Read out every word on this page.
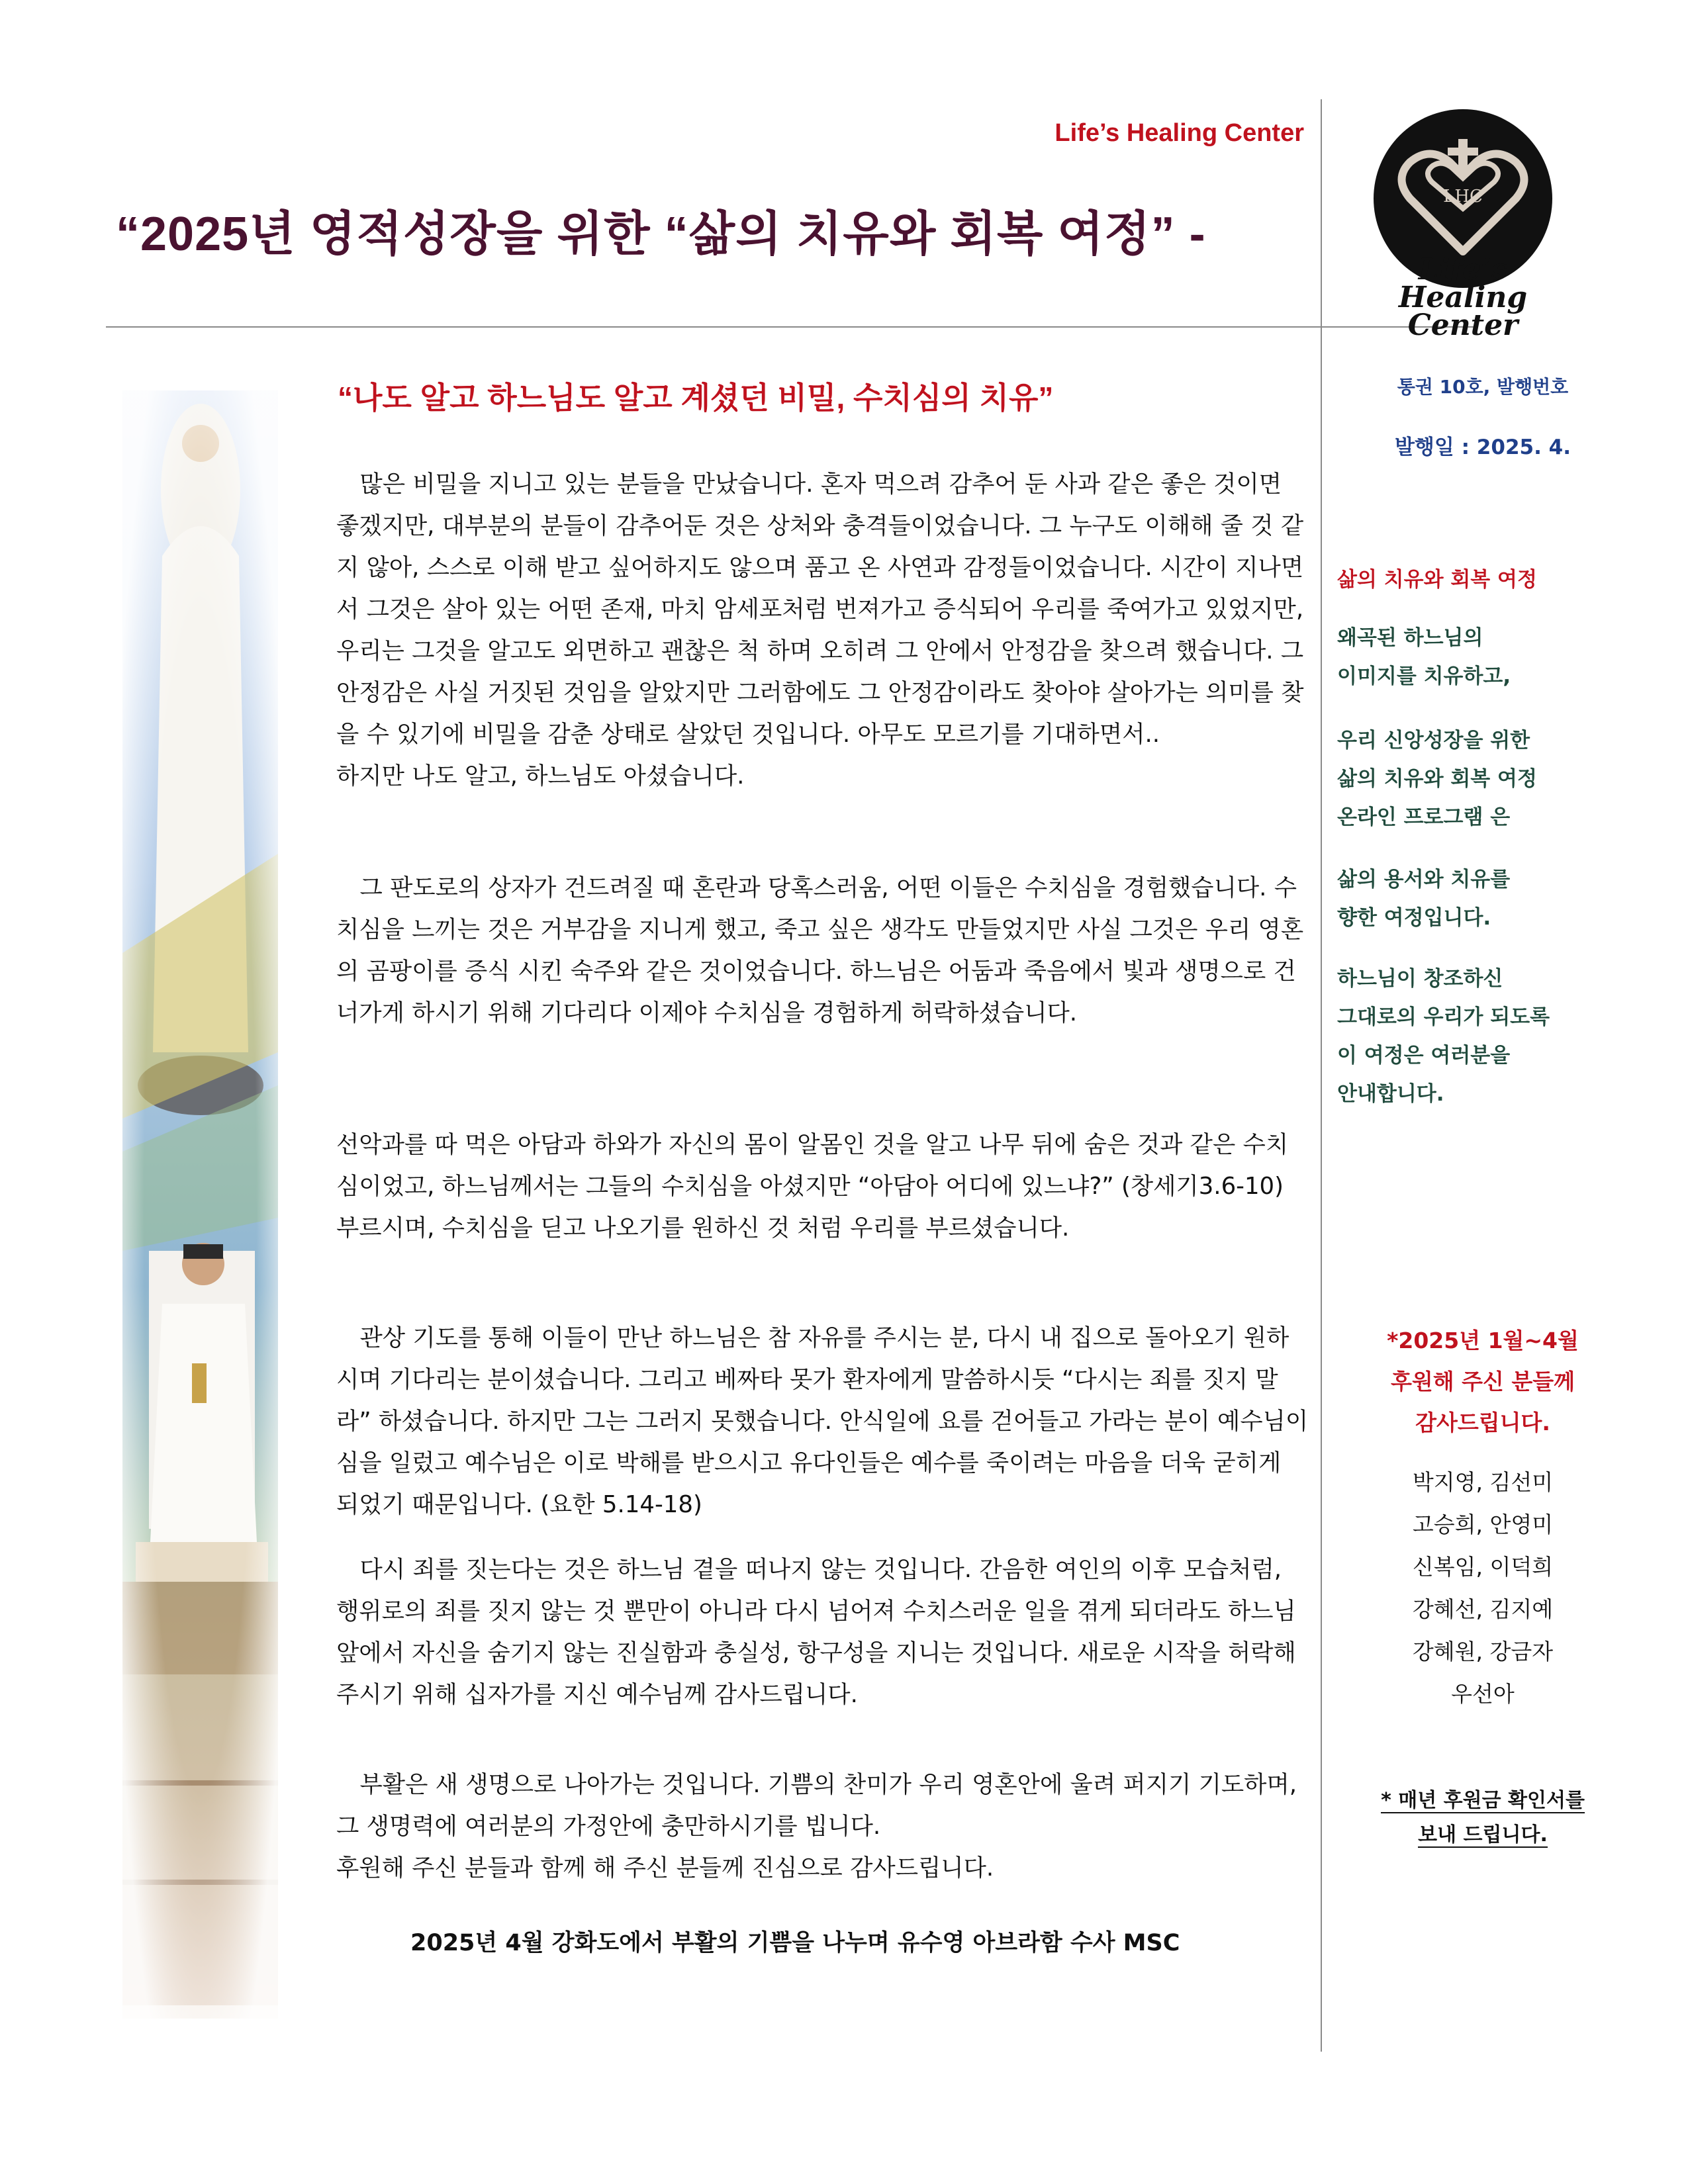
Life’s Healing Center
“2025년 영적성장을 위한 “삶의 치유와 회복 여정” -
LHC
Life’s
Healing
Center
“나도 알고 하느님도 알고 계셨던 비밀, 수치심의 치유”

　많은 비밀을 지니고 있는 분들을 만났습니다. 혼자 먹으려 감추어 둔 사과 같은 좋은 것이면 좋겠지만, 대부분의 분들이 감추어둔 것은 상처와 충격들이었습니다. 그 누구도 이해해 줄 것 같지 않아, 스스로 이해 받고 싶어하지도 않으며 품고 온 사연과 감정들이었습니다. 시간이 지나면서 그것은 살아 있는 어떤 존재, 마치 암세포처럼 번져가고 증식되어 우리를 죽여가고 있었지만, 우리는 그것을 알고도 외면하고 괜찮은 척 하며 오히려 그 안에서 안정감을 찾으려 했습니다. 그 안정감은 사실 거짓된 것임을 알았지만 그러함에도 그 안정감이라도 찾아야 살아가는 의미를 찾을 수 있기에 비밀을 감춘 상태로 살았던 것입니다. 아무도 모르기를 기대하면서..

하지만 나도 알고, 하느님도 아셨습니다.

　그 판도로의 상자가 건드려질 때 혼란과 당혹스러움, 어떤 이들은 수치심을 경험했습니다. 수치심을 느끼는 것은 거부감을 지니게 했고, 죽고 싶은 생각도 만들었지만 사실 그것은 우리 영혼의 곰팡이를 증식 시킨 숙주와 같은 것이었습니다. 하느님은 어둠과 죽음에서 빛과 생명으로 건너가게 하시기 위해 기다리다 이제야 수치심을 경험하게 허락하셨습니다.

선악과를 따 먹은 아담과 하와가 자신의 몸이 알몸인 것을 알고 나무 뒤에 숨은 것과 같은 수치심이었고, 하느님께서는 그들의 수치심을 아셨지만 “아담아 어디에 있느냐?” (창세기3.6-10) 부르시며, 수치심을 딛고 나오기를 원하신 것 처럼 우리를 부르셨습니다.

　관상 기도를 통해 이들이 만난 하느님은 참 자유를 주시는 분, 다시 내 집으로 돌아오기 원하시며 기다리는 분이셨습니다. 그리고 베짜타 못가 환자에게 말씀하시듯 “다시는 죄를 짓지 말라” 하셨습니다. 하지만 그는 그러지 못했습니다. 안식일에 요를 걷어들고 가라는 분이 예수님이심을 일렀고 예수님은 이로 박해를 받으시고 유다인들은 예수를 죽이려는 마음을 더욱 굳히게 되었기 때문입니다. (요한 5.14-18)

　다시 죄를 짓는다는 것은 하느님 곁을 떠나지 않는 것입니다. 간음한 여인의 이후 모습처럼, 행위로의 죄를 짓지 않는 것 뿐만이 아니라 다시 넘어져 수치스러운 일을 겪게 되더라도 하느님 앞에서 자신을 숨기지 않는 진실함과 충실성, 항구성을 지니는 것입니다. 새로운 시작을 허락해 주시기 위해 십자가를 지신 예수님께 감사드립니다.

　부활은 새 생명으로 나아가는 것입니다. 기쁨의 찬미가 우리 영혼안에 울려 퍼지기 기도하며, 그 생명력에 여러분의 가정안에 충만하시기를 빕니다.

후원해 주신 분들과 함께 해 주신 분들께 진심으로 감사드립니다.

2025년 4월 강화도에서 부활의 기쁨을 나누며 유수영 아브라함 수사 MSC
통권 10호, 발행번호
발행일 : 2025. 4.
삶의 치유와 회복 여정

왜곡된 하느님의

이미지를 치유하고,

우리 신앙성장을 위한

삶의 치유와 회복 여정

온라인 프로그램 은

삶의 용서와 치유를

향한 여정입니다.

하느님이 창조하신

그대로의 우리가 되도록

이 여정은 여러분을

안내합니다.

*2025년 1월~4월
후원해 주신 분들께
감사드립니다.
박지영, 김선미
고승희, 안영미
신복임, 이덕희
강혜선, 김지예
강혜원, 강금자
우선아
* 매년 후원금 확인서를
보내 드립니다.
